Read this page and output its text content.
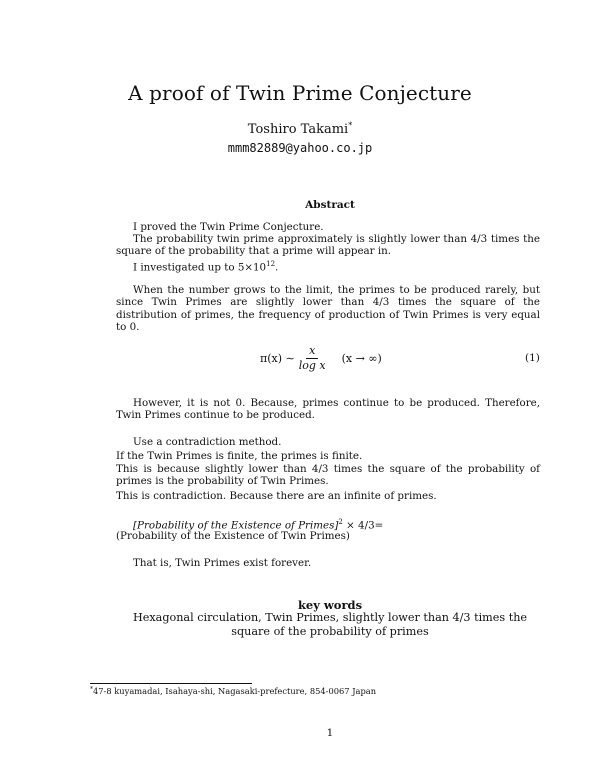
A proof of Twin Prime Conjecture
Toshiro Takami*
mmm82889@yahoo.co.jp
Abstract
I proved the Twin Prime Conjecture.
The probability twin prime approximately is slightly lower than 4/3 times the square of the probability that a prime will appear in.
I investigated up to $5\times 10^{12}$.
When the number grows to the limit, the primes to be produced rarely, but since Twin Primes are slightly lower than 4/3 times the square of the distribution of primes, the frequency of production of Twin Primes is very equal to 0.
π(x) ∼ $\frac{x}{\text{log x}} (x$ → ∞)	(1)
However, it is not 0. Because, primes continue to be produced. Therefore, Twin Primes continue to be produced.
Use a contradiction method.
If the Twin Primes is finite, the primes is finite.
This is because slightly lower than 4/3 times the square of the probability of primes is the probability of Twin Primes.
This is contradiction. Because there are an infinite of primes.
[Probability of the Existence of Primes]$^2$ × 4/3=
(Probability of the Existence of Twin Primes)
That is, Twin Primes exist forever.
key words
Hexagonal circulation, Twin Primes, slightly lower than 4/3 times the square of the probability of primes
*47-8 kuyamadai, Isahaya-shi, Nagasaki-prefecture, 854-0067 Japan
1
